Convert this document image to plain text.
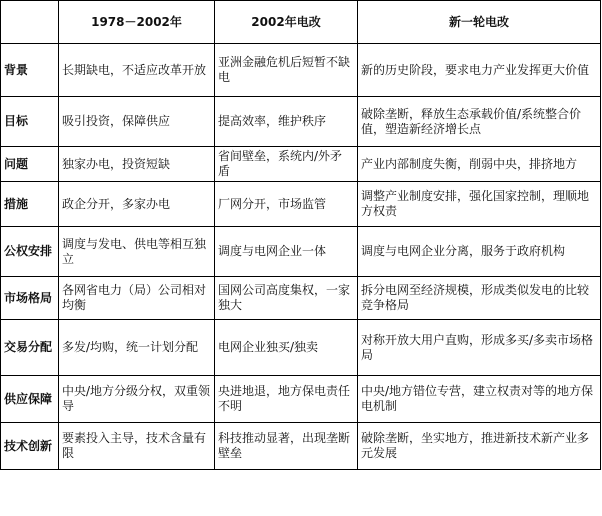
	1978－2002年	2002年电改	新一轮电改
背景	长期缺电，不适应改革开放	亚洲金融危机后短暂不缺电	新的历史阶段，要求电力产业发挥更大价值
目标	吸引投资，保障供应	提高效率，维护秩序	破除垄断，释放生态承载价值/系统整合价值，塑造新经济增长点
问题	独家办电，投资短缺	省间壁垒，系统内/外矛盾	产业内部制度失衡，削弱中央，排挤地方
措施	政企分开，多家办电	厂网分开，市场监管	调整产业制度安排，强化国家控制，理顺地方权责
公权安排	调度与发电、供电等相互独立	调度与电网企业一体	调度与电网企业分离，服务于政府机构
市场格局	各网省电力（局）公司相对均衡	国网公司高度集权，一家独大	拆分电网至经济规模，形成类似发电的比较竞争格局
交易分配	多发/均购，统一计划分配	电网企业独买/独卖	对称开放大用户直购，形成多买/多卖市场格局
供应保障	中央/地方分级分权，双重领导	央进地退，地方保电责任不明	中央/地方错位专营，建立权责对等的地方保电机制
技术创新	要素投入主导，技术含量有限	科技推动显著，出现垄断壁垒	破除垄断，坐实地方，推进新技术新产业多元发展
